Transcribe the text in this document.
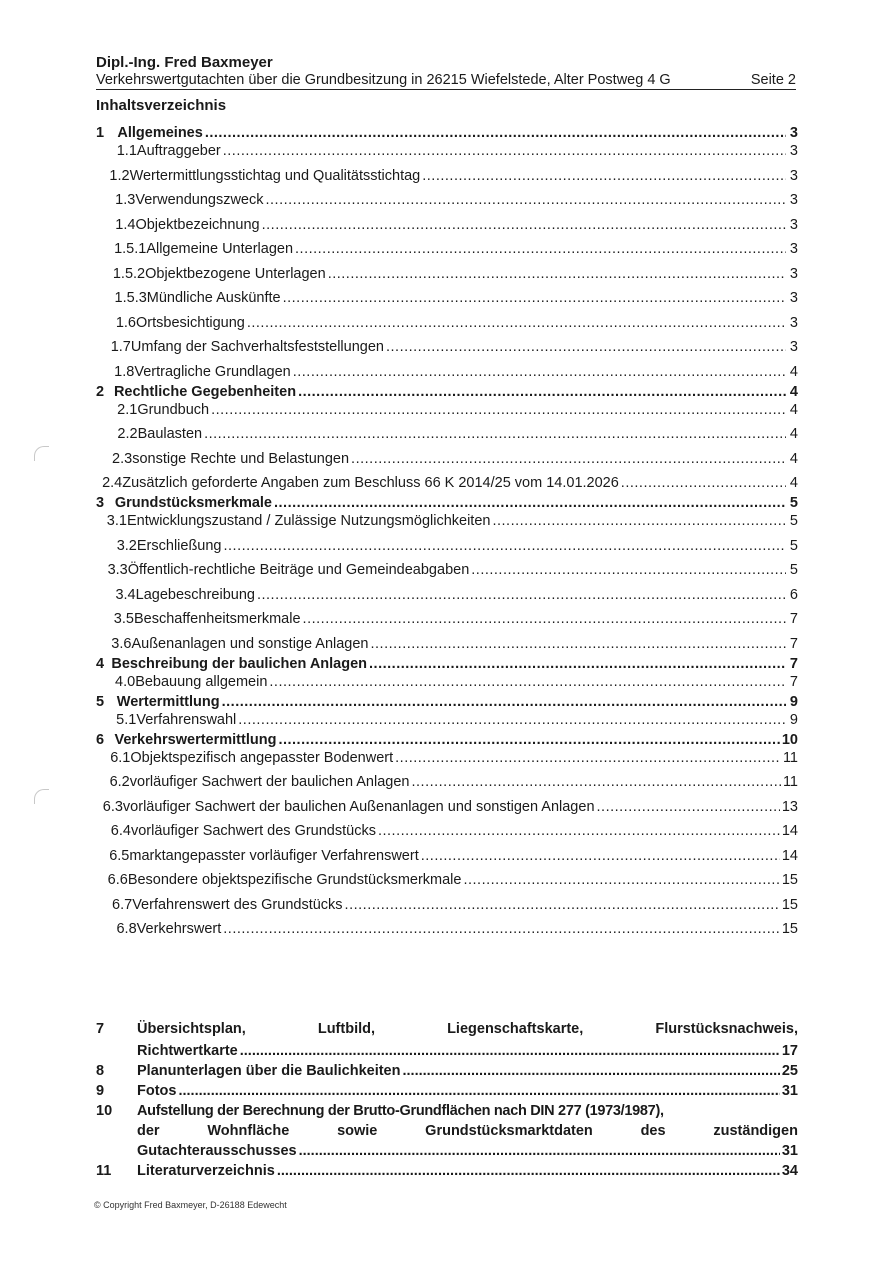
Dipl.-Ing. Fred Baxmeyer
Verkehrswertgutachten über die Grundbesitzung in 26215 Wiefelstede, Alter Postweg 4 G	Seite 2
Inhaltsverzeichnis
1 Allgemeines .....	3
1.1 Auftraggeber .....	3
1.2 Wertermittlungsstichtag und Qualitätsstichtag .....	3
1.3 Verwendungszweck .....	3
1.4 Objektbezeichnung .....	3
1.5.1 Allgemeine Unterlagen .....	3
1.5.2 Objektbezogene Unterlagen .....	3
1.5.3 Mündliche Auskünfte .....	3
1.6 Ortsbesichtigung .....	3
1.7 Umfang der Sachverhaltsfeststellungen .....	3
1.8 Vertragliche Grundlagen .....	4
2 Rechtliche Gegebenheiten .....	4
2.1 Grundbuch .....	4
2.2 Baulasten .....	4
2.3 sonstige Rechte und Belastungen .....	4
2.4 Zusätzlich geforderte Angaben zum Beschluss 66 K 2014/25 vom 14.01.2026 .....	4
3 Grundstücksmerkmale .....	5
3.1 Entwicklungszustand / Zulässige Nutzungsmöglichkeiten .....	5
3.2 Erschließung .....	5
3.3 Öffentlich-rechtliche Beiträge und Gemeindeabgaben .....	5
3.4 Lagebeschreibung .....	6
3.5 Beschaffenheitsmerkmale .....	7
3.6 Außenanlagen und sonstige Anlagen .....	7
4 Beschreibung der baulichen Anlagen .....	7
4.0 Bebauung allgemein .....	7
5 Wertermittlung .....	9
5.1 Verfahrenswahl .....	9
6 Verkehrswertermittlung .....	10
6.1 Objektspezifisch angepasster Bodenwert .....	11
6.2 vorläufiger Sachwert der baulichen Anlagen .....	11
6.3 vorläufiger Sachwert der baulichen Außenanlagen und sonstigen Anlagen .....	13
6.4 vorläufiger Sachwert des Grundstücks .....	14
6.5 marktangepasster vorläufiger Verfahrenswert .....	14
6.6 Besondere objektspezifische Grundstücksmerkmale .....	15
6.7 Verfahrenswert des Grundstücks .....	15
6.8 Verkehrswert .....	15
7 Übersichtsplan,	Luftbild,	Liegenschaftskarte,	Flurstücksnachweis,
Richtwertkarte .....	17
8 Planunterlagen über die Baulichkeiten .....	25
9 Fotos .....	31
10 Aufstellung der Berechnung der Brutto-Grundflächen nach DIN 277 (1973/1987),
der	Wohnfläche	sowie	Grundstücksmarktdaten	des	zuständigen
Gutachterausschusses .....	31
11 Literaturverzeichnis .....	34
© Copyright Fred Baxmeyer, D-26188 Edewecht
